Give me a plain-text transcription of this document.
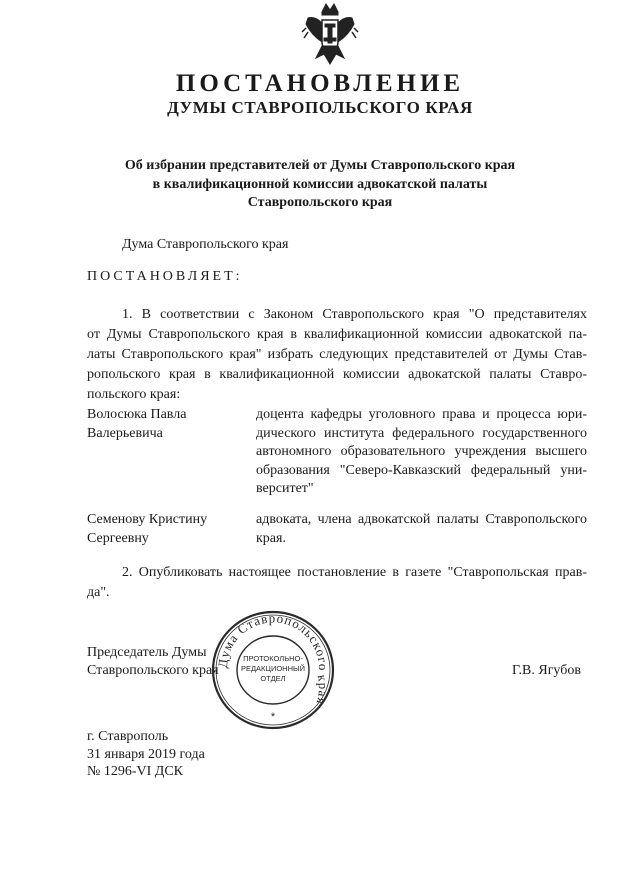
ПОСТАНОВЛЕНИЕ
ДУМЫ СТАВРОПОЛЬСКОГО КРАЯ
Об избрании представителей от Думы Ставропольского края
в квалификационной комиссии адвокатской палаты
Ставропольского края
Дума Ставропольского края
ПОСТАНОВЛЯЕТ:
1. В соответствии с Законом Ставропольского края "О представителях
от Думы Ставропольского края в квалификационной комиссии адвокатской па-
латы Ставропольского края" избрать следующих представителей от Думы Став-
ропольского края в квалификационной комиссии адвокатской палаты Ставро-
польского края:
Волосюка Павла
Валерьевича
доцента кафедры уголовного права и процесса юри-
дического института федерального государственного
автономного образовательного учреждения высшего
образования "Северо-Кавказский федеральный уни-
верситет"
Семенову Кристину
Сергеевну
адвоката, члена адвокатской палаты Ставропольского
края.
2. Опубликовать настоящее постановление в газете "Ставропольская прав-
да".
Председатель Думы
Ставропольского края	Г.В. Ягубов
Дума Ставропольского края
ПРОТОКОЛЬНО-
РЕДАКЦИОННЫЙ
ОТДЕЛ
*
г. Ставрополь
31 января 2019 года
№ 1296-VI ДСК
